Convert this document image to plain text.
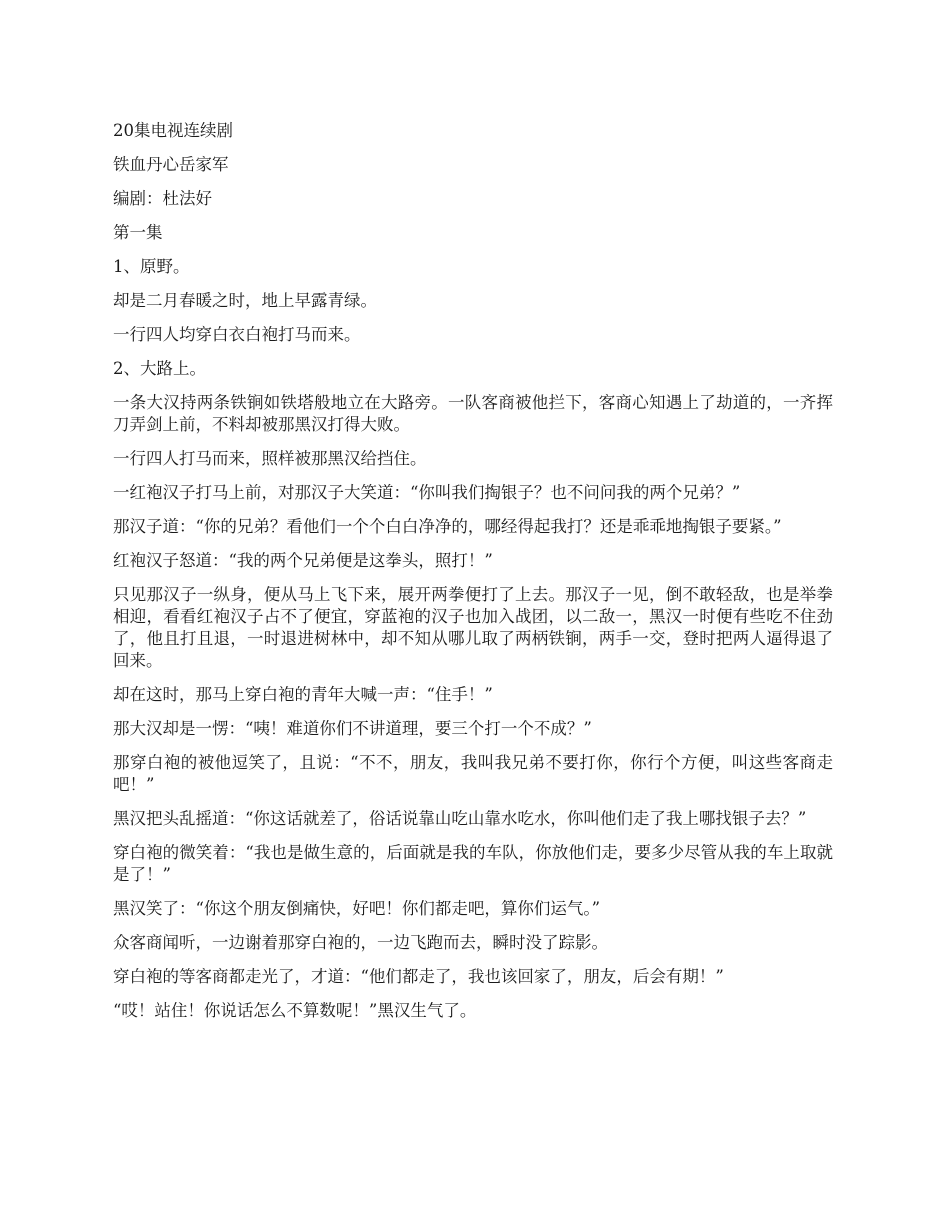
20集电视连续剧

铁血丹心岳家军

编剧：杜法好

第一集

1、原野。

却是二月春暖之时，地上早露青绿。

一行四人均穿白衣白袍打马而来。

2、大路上。

一条大汉持两条铁锏如铁塔般地立在大路旁。一队客商被他拦下，客商心知遇上了劫道的，一齐挥刀弄剑上前，不料却被那黑汉打得大败。

一行四人打马而来，照样被那黑汉给挡住。

一红袍汉子打马上前，对那汉子大笑道：“你叫我们掏银子？也不问问我的两个兄弟？”

那汉子道：“你的兄弟？看他们一个个白白净净的，哪经得起我打？还是乖乖地掏银子要紧。”

红袍汉子怒道：“我的两个兄弟便是这拳头，照打！”

只见那汉子一纵身，便从马上飞下来，展开两拳便打了上去。那汉子一见，倒不敢轻敌，也是举拳相迎，看看红袍汉子占不了便宜，穿蓝袍的汉子也加入战团，以二敌一，黑汉一时便有些吃不住劲了，他且打且退，一时退进树林中，却不知从哪儿取了两柄铁锏，两手一交，登时把两人逼得退了回来。

却在这时，那马上穿白袍的青年大喊一声：“住手！”

那大汉却是一愣：“咦！难道你们不讲道理，要三个打一个不成？”

那穿白袍的被他逗笑了，且说：“不不，朋友，我叫我兄弟不要打你，你行个方便，叫这些客商走吧！”

黑汉把头乱摇道：“你这话就差了，俗话说靠山吃山靠水吃水，你叫他们走了我上哪找银子去？”

穿白袍的微笑着：“我也是做生意的，后面就是我的车队，你放他们走，要多少尽管从我的车上取就是了！”

黑汉笑了：“你这个朋友倒痛快，好吧！你们都走吧，算你们运气。”

众客商闻听，一边谢着那穿白袍的，一边飞跑而去，瞬时没了踪影。

穿白袍的等客商都走光了，才道：“他们都走了，我也该回家了，朋友，后会有期！”

“哎！站住！你说话怎么不算数呢！”黑汉生气了。
